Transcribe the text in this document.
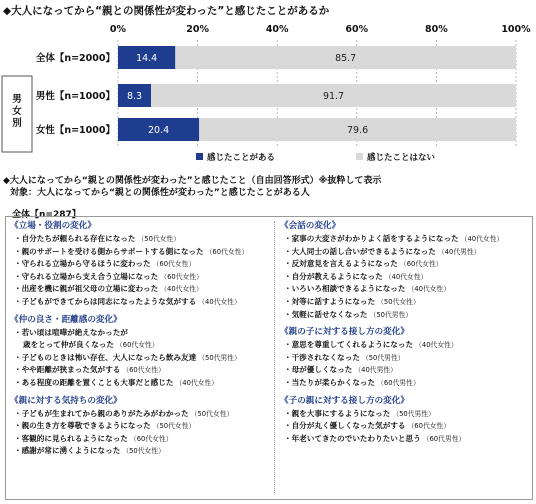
◆大人になってから“親との関係性が変わった”と感じたことがあるか
0%	20%	40%	60%	80%	100%
男
女
別
全体【n=2000】 14.4	85.7
男性【n=1000】 8.3	91.7
女性【n=1000】	20.4	79.6
感じたことがある	感じたことはない
◆大人になってから“親との関係性が変わった”と感じたこと（自由回答形式）※抜粋して表示
対象：大人になってから“親との関係性が変わった”と感じたことがある人
全体【n=287】
《立場・役割の変化》
・自分たちが頼られる存在になった （50代女性）
・親のサポートを受ける側からサポートする側になった （60代女性）
・守られる立場から守るほうに変わった （60代女性）
・守られる立場から支え合う立場になった （60代女性）
・出産を機に親が祖父母の立場に変わった （40代女性）
・子どもができてからは同志になったような気がする （40代女性）
《仲の良さ・距離感の変化》
・若い頃は喧嘩が絶えなかったが
歳をとって仲が良くなった （60代女性）
・子どものときは怖い存在、大人になったら飲み友達 （50代男性）
・やや距離が狭まった気がする （60代女性）
・ある程度の距離を置くことも大事だと感じた （40代女性）
《親に対する気持ちの変化》
・子どもが生まれてから親のありがたみがわかった （50代女性）
・親の生き方を尊敬できるようになった （50代女性）
・客観的に見られるようになった （60代女性）
・感謝が常に湧くようになった （50代女性）
《会話の変化》
・家事の大変さがわかりよく話をするようになった （40代女性）
・大人同士の話し合いができるようになった （40代男性）
・反対意見を言えるようになった （60代女性）
・自分が教えるようになった （40代女性）
・いろいろ相談できるようになった （40代女性）
・対等に話すようになった （50代女性）
・気軽に話せなくなった （50代男性）
《親の子に対する接し方の変化》
・意思を尊重してくれるようになった （40代女性）
・干渉されなくなった （50代男性）
・母が優しくなった （40代男性）
・当たりが柔らかくなった （60代男性）
《子の親に対する接し方の変化》
・親を大事にするようになった （50代男性）
・自分が丸く優しくなった気がする （60代女性）
・年老いてきたのでいたわりたいと思う （60代男性）
